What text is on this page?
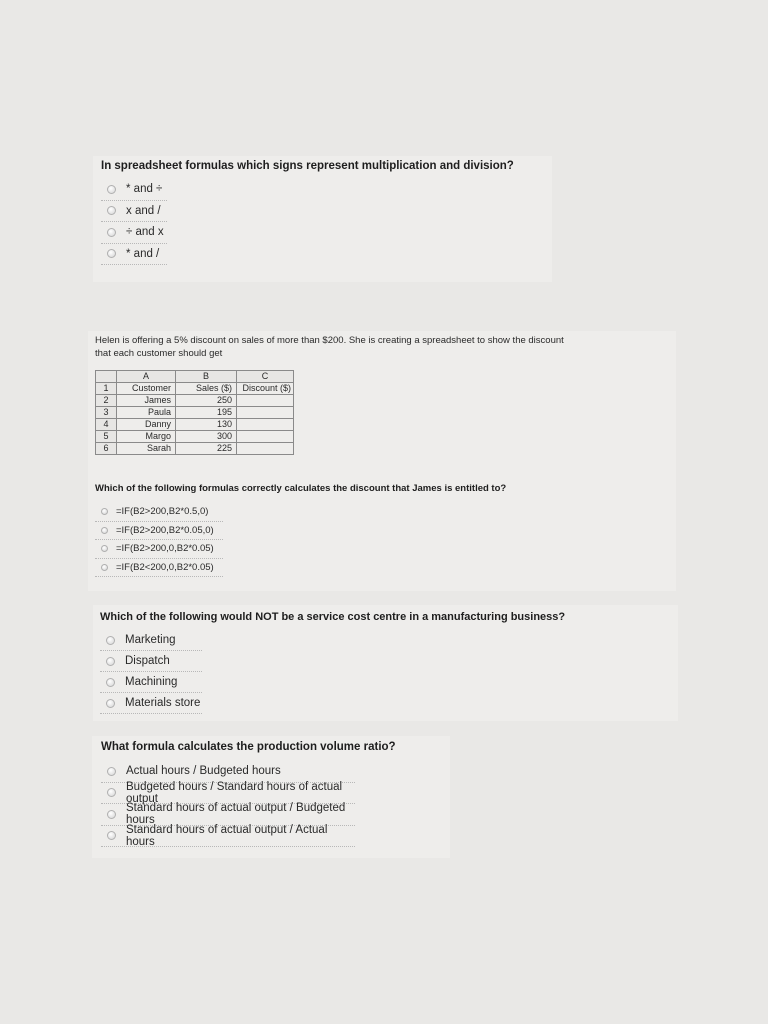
In spreadsheet formulas which signs represent multiplication and division?

* and ÷
x and /
÷ and x
* and /

Helen is offering a 5% discount on sales of more than $200. She is creating a spreadsheet to show the discount that each customer should get

	A	B	C
1	Customer	Sales ($)	Discount ($)
2	James	250	
3	Paula	195	
4	Danny	130	
5	Margo	300	
6	Sarah	225	

Which of the following formulas correctly calculates the discount that James is entitled to?

=IF(B2>200,B2*0.5,0)
=IF(B2>200,B2*0.05,0)
=IF(B2>200,0,B2*0.05)
=IF(B2<200,0,B2*0.05)

Which of the following would NOT be a service cost centre in a manufacturing business?

Marketing
Dispatch
Machining
Materials store

What formula calculates the production volume ratio?

Actual hours / Budgeted hours
Budgeted hours / Standard hours of actual output
Standard hours of actual output / Budgeted hours
Standard hours of actual output / Actual hours
